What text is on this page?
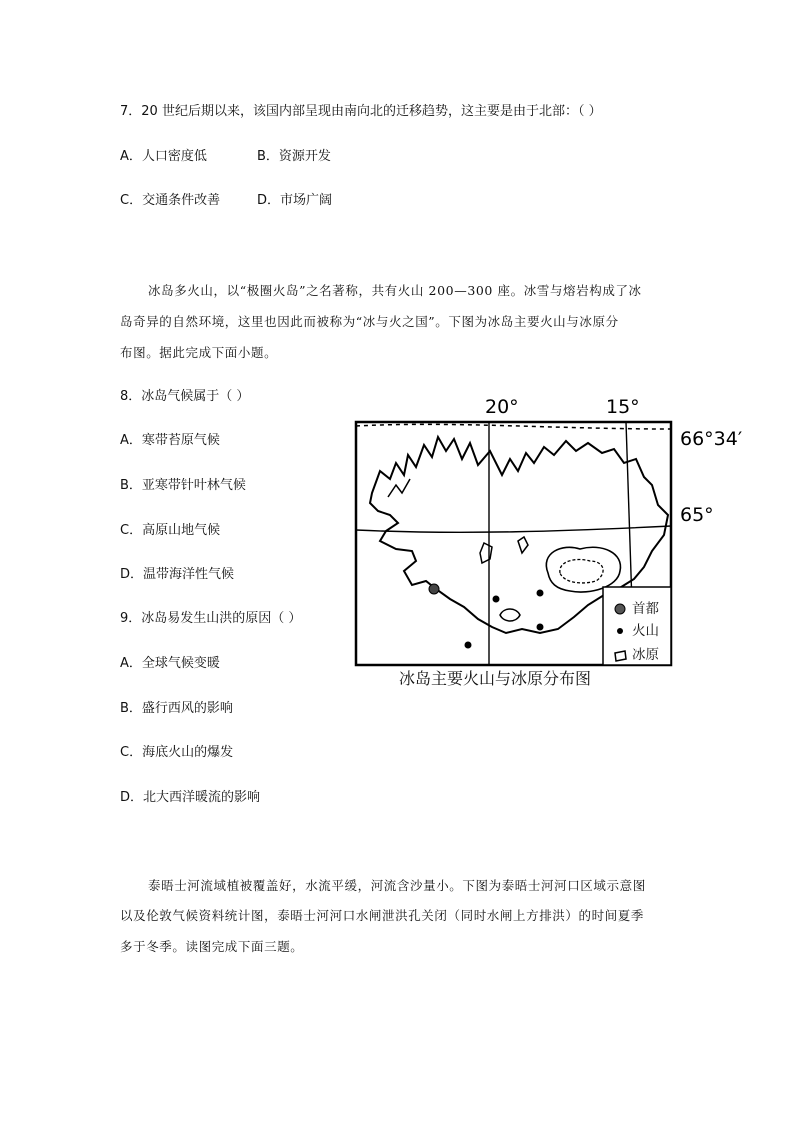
7．20 世纪后期以来，该国内部呈现由南向北的迁移趋势，这主要是由于北部：（ ）
A．人口密度低	B．资源开发
C．交通条件改善	D．市场广阔
冰岛多火山，以“极圈火岛”之名著称，共有火山 200—300 座。冰雪与熔岩构成了冰
岛奇异的自然环境，这里也因此而被称为“冰与火之国”。下图为冰岛主要火山与冰原分
布图。据此完成下面小题。
8．冰岛气候属于（ ）
A．寒带苔原气候
B．亚寒带针叶林气候
C．高原山地气候
D．温带海洋性气候
9．冰岛易发生山洪的原因（ ）
A．全球气候变暖
B．盛行西风的影响
C．海底火山的爆发
D．北大西洋暖流的影响
20°	15°
66°34′
65°
首都
火山
冰原
冰岛主要火山与冰原分布图
泰晤士河流域植被覆盖好，水流平缓，河流含沙量小。下图为泰晤士河河口区域示意图
以及伦敦气候资料统计图，泰晤士河河口水闸泄洪孔关闭（同时水闸上方排洪）的时间夏季
多于冬季。读图完成下面三题。
